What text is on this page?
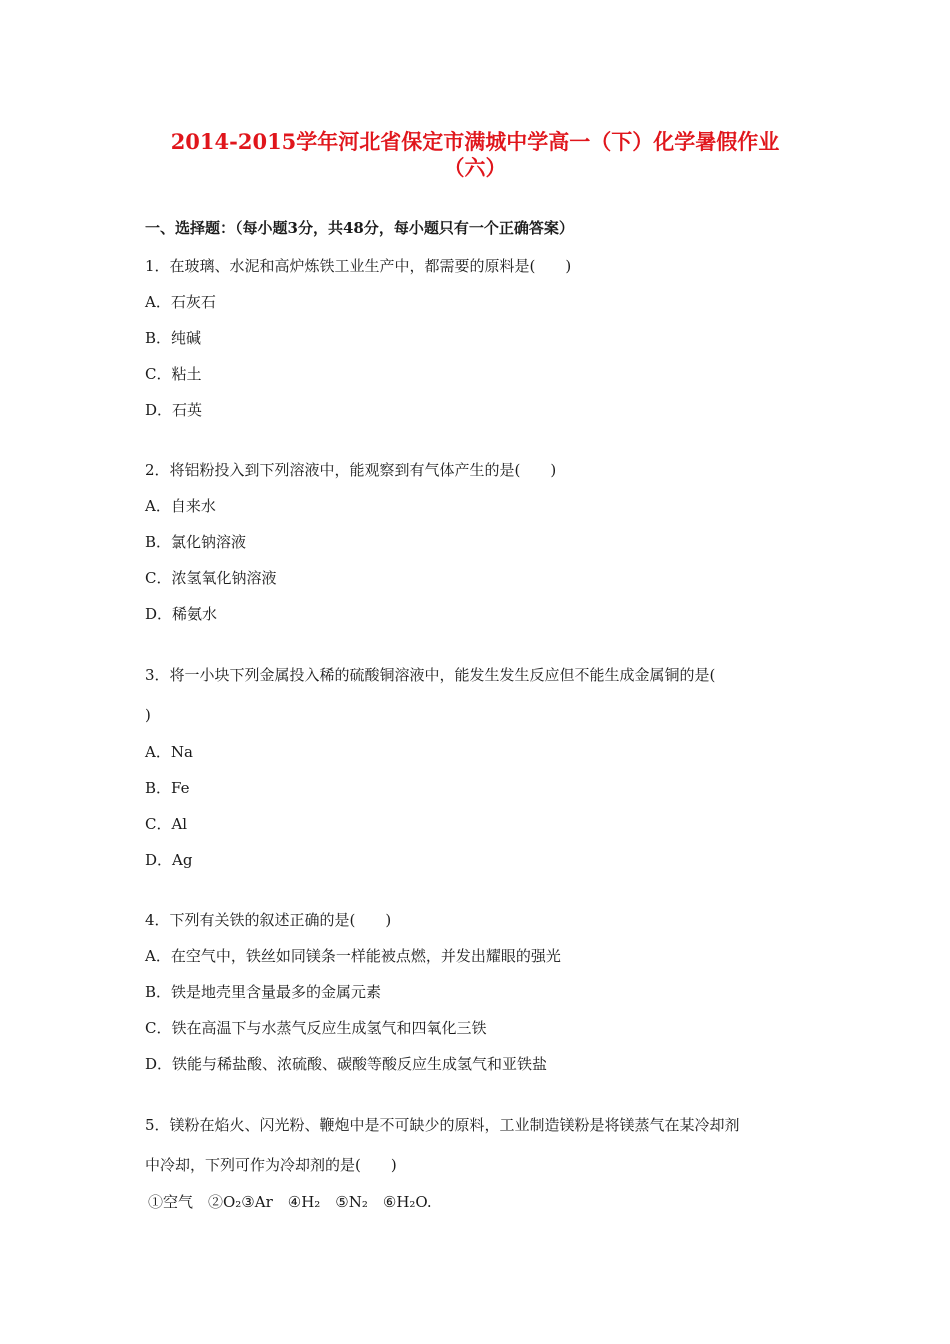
2014-2015学年河北省保定市满城中学高一（下）化学暑假作业
（六）
一、选择题：（每小题3分，共48分，每小题只有一个正确答案）
1．在玻璃、水泥和高炉炼铁工业生产中，都需要的原料是(　　)
A．石灰石
B．纯碱
C．粘土
D．石英
2．将铝粉投入到下列溶液中，能观察到有气体产生的是(　　)
A．自来水
B．氯化钠溶液
C．浓氢氧化钠溶液
D．稀氨水
3．将一小块下列金属投入稀的硫酸铜溶液中，能发生发生反应但不能生成金属铜的是(
)
A．Na
B．Fe
C．Al
D．Ag
4．下列有关铁的叙述正确的是(　　)
A．在空气中，铁丝如同镁条一样能被点燃，并发出耀眼的强光
B．铁是地壳里含量最多的金属元素
C．铁在高温下与水蒸气反应生成氢气和四氧化三铁
D．铁能与稀盐酸、浓硫酸、碳酸等酸反应生成氢气和亚铁盐
5．镁粉在焰火、闪光粉、鞭炮中是不可缺少的原料，工业制造镁粉是将镁蒸气在某冷却剂
中冷却，下列可作为冷却剂的是(　　)
①空气　②O₂③Ar　④H₂　⑤N₂　⑥H₂O.
